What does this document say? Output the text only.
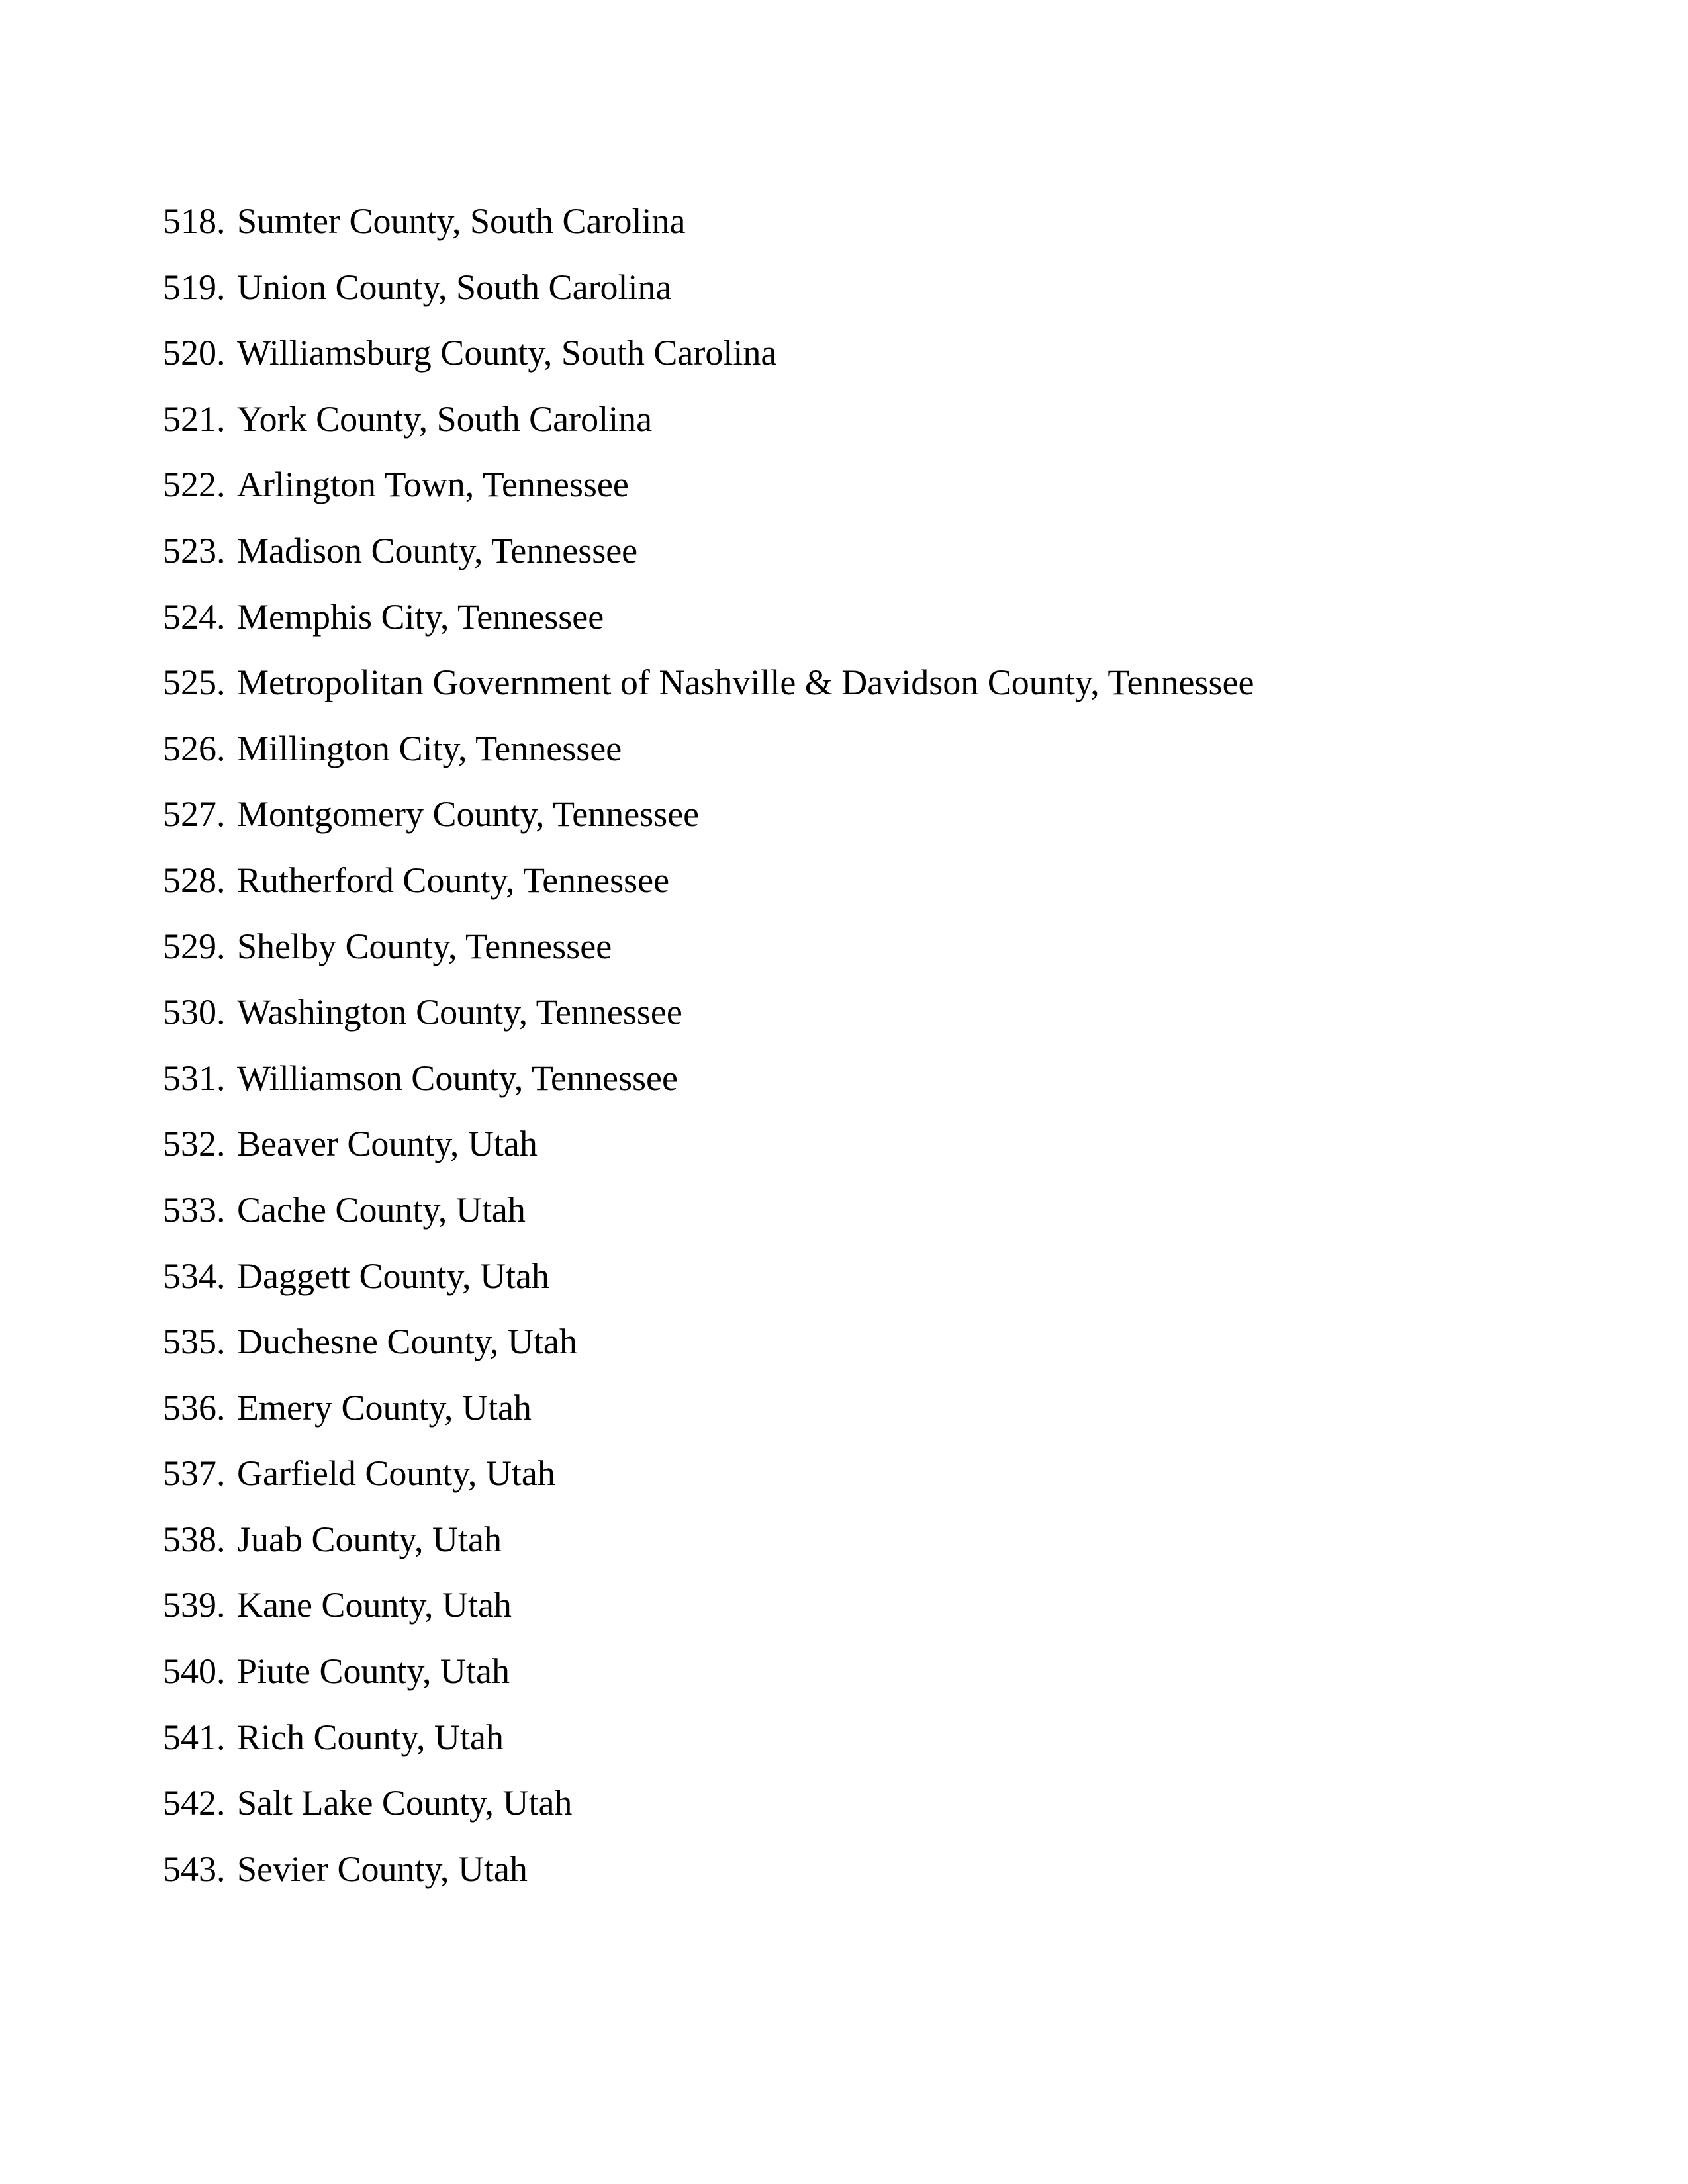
518. Sumter County, South Carolina
519. Union County, South Carolina
520. Williamsburg County, South Carolina
521. York County, South Carolina
522. Arlington Town, Tennessee
523. Madison County, Tennessee
524. Memphis City, Tennessee
525. Metropolitan Government of Nashville & Davidson County, Tennessee
526. Millington City, Tennessee
527. Montgomery County, Tennessee
528. Rutherford County, Tennessee
529. Shelby County, Tennessee
530. Washington County, Tennessee
531. Williamson County, Tennessee
532. Beaver County, Utah
533. Cache County, Utah
534. Daggett County, Utah
535. Duchesne County, Utah
536. Emery County, Utah
537. Garfield County, Utah
538. Juab County, Utah
539. Kane County, Utah
540. Piute County, Utah
541. Rich County, Utah
542. Salt Lake County, Utah
543. Sevier County, Utah
